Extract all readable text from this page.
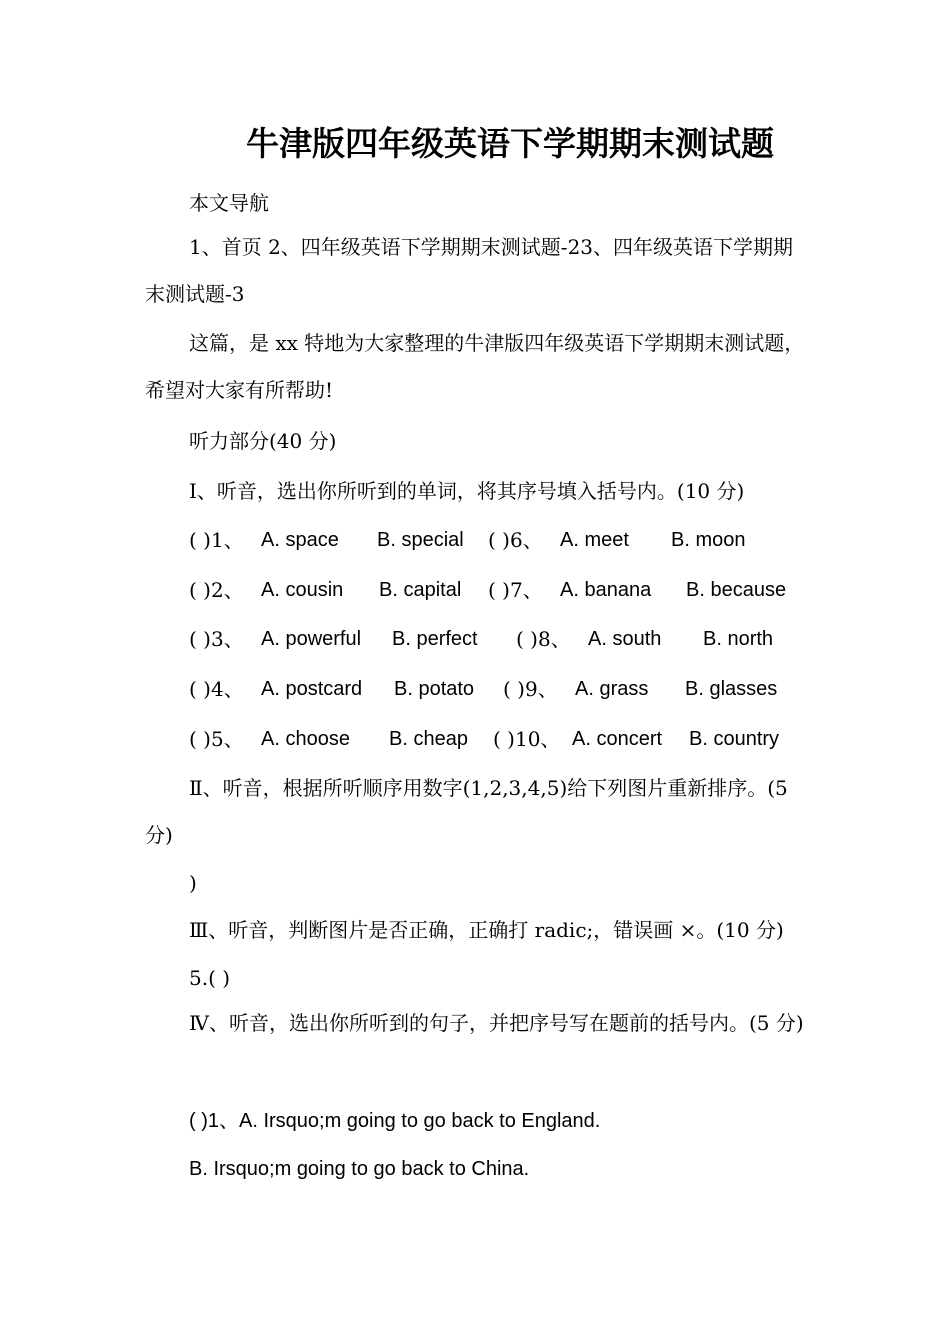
牛津版四年级英语下学期期末测试题
本文导航
1、首页 2、四年级英语下学期期末测试题-23、四年级英语下学期期末测试题-3
这篇，是 xx 特地为大家整理的牛津版四年级英语下学期期末测试题，希望对大家有所帮助!
听力部分(40 分)
Ⅰ、听音，选出你所听到的单词，将其序号填入括号内。(10 分)
( )1、 A. space B. special ( )6、 A. meet B. moon
( )2、 A. cousin B. capital ( )7、 A. banana B. because
( )3、 A. powerful B. perfect ( )8、 A. south B. north
( )4、 A. postcard B. potato ( )9、 A. grass B. glasses
( )5、 A. choose B. cheap ( )10、 A. concert B. country
Ⅱ、听音，根据所听顺序用数字(1,2,3,4,5)给下列图片重新排序。(5 分)
)
Ⅲ、听音，判断图片是否正确，正确打 radic;，错误画 ×。(10 分)
5.( )
Ⅳ、听音，选出你所听到的句子，并把序号写在题前的括号内。(5 分)
( )1、A. Irsquo;m going to go back to England.
B. Irsquo;m going to go back to China.
